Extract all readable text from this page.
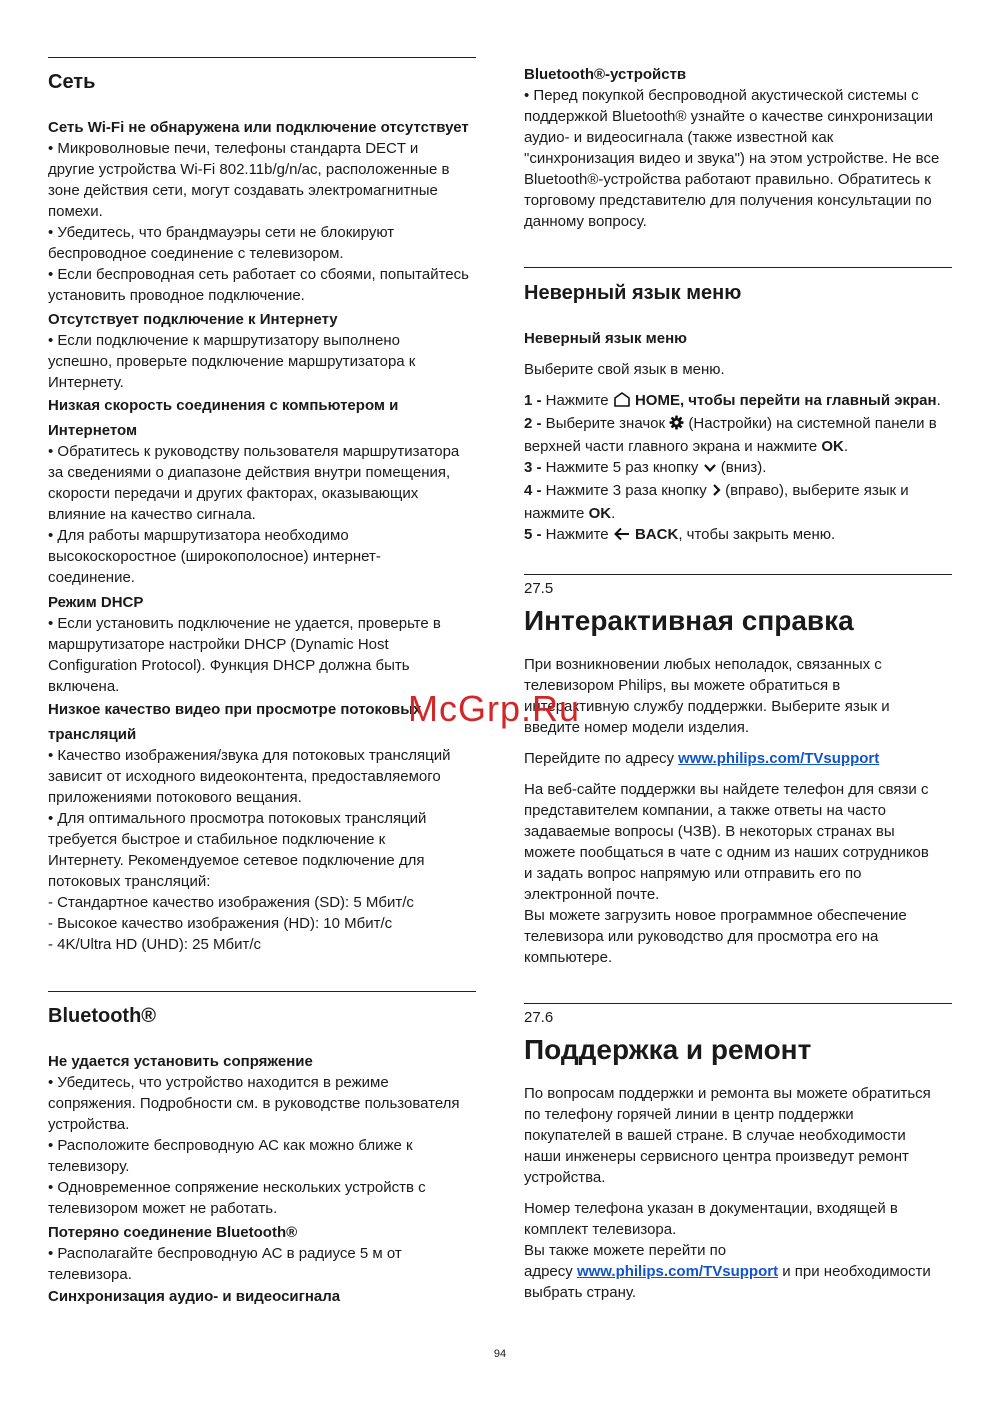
Сеть

Сеть Wi-Fi не обнаружена или подключение отсутствует

• Микроволновые печи, телефоны стандарта DECT и

другие устройства Wi-Fi 802.11b/g/n/ac, расположенные в

зоне действия сети, могут создавать электромагнитные

помехи.

• Убедитесь, что брандмауэры сети не блокируют

беспроводное соединение с телевизором.

• Если беспроводная сеть работает со сбоями, попытайтесь

установить проводное подключение.

Отсутствует подключение к Интернету

• Если подключение к маршрутизатору выполнено

успешно, проверьте подключение маршрутизатора к

Интернету.

Низкая скорость соединения с компьютером и

Интернетом

• Обратитесь к руководству пользователя маршрутизатора

за сведениями о диапазоне действия внутри помещения,

скорости передачи и других факторах, оказывающих

влияние на качество сигнала.

• Для работы маршрутизатора необходимо

высокоскоростное (широкополосное) интернет-

соединение.

Режим DHCP

• Если установить подключение не удается, проверьте в

маршрутизаторе настройки DHCP (Dynamic Host

Configuration Protocol). Функция DHCP должна быть

включена.

Низкое качество видео при просмотре потоковых

трансляций

• Качество изображения/звука для потоковых трансляций

зависит от исходного видеоконтента, предоставляемого

приложениями потокового вещания.

• Для оптимального просмотра потоковых трансляций

требуется быстрое и стабильное подключение к

Интернету. Рекомендуемое сетевое подключение для

потоковых трансляций:

- Стандартное качество изображения (SD): 5 Мбит/с

- Высокое качество изображения (HD): 10 Мбит/с

- 4K/Ultra HD (UHD): 25 Мбит/с

Bluetooth®

Не удается установить сопряжение

• Убедитесь, что устройство находится в режиме

сопряжения. Подробности см. в руководстве пользователя

устройства.

• Расположите беспроводную АС как можно ближе к

телевизору.

• Одновременное сопряжение нескольких устройств с

телевизором может не работать.

Потеряно соединение Bluetooth®

• Располагайте беспроводную АС в радиусе 5 м от

телевизора.

Синхронизация аудио- и видеосигнала

Bluetooth®-устройств

• Перед покупкой беспроводной акустической системы с

поддержкой Bluetooth® узнайте о качестве синхронизации

аудио- и видеосигнала (также известной как

"синхронизация видео и звука") на этом устройстве. Не все

Bluetooth®-устройства работают правильно. Обратитесь к

торговому представителю для получения консультации по

данному вопросу.

Неверный язык меню

Неверный язык меню

Выберите свой язык в меню.

1 - Нажмите  HOME, чтобы перейти на главный экран.

2 - Выберите значок  (Настройки) на системной панели в

верхней части главного экрана и нажмите OK.

3 - Нажмите 5 раз кнопку  (вниз).

4 - Нажмите 3 раза кнопку  (вправо), выберите язык и

нажмите OK.

5 - Нажмите  BACK, чтобы закрыть меню.

27.5
Интерактивная справка

При возникновении любых неполадок, связанных с

телевизором Philips, вы можете обратиться в

интерактивную службу поддержки. Выберите язык и

введите номер модели изделия.

Перейдите по адресу www.philips.com/TVsupport

На веб-сайте поддержки вы найдете телефон для связи с

представителем компании, а также ответы на часто

задаваемые вопросы (ЧЗВ). В некоторых странах вы

можете пообщаться в чате с одним из наших сотрудников

и задать вопрос напрямую или отправить его по

электронной почте.

Вы можете загрузить новое программное обеспечение

телевизора или руководство для просмотра его на

компьютере.

27.6
Поддержка и ремонт

По вопросам поддержки и ремонта вы можете обратиться

по телефону горячей линии в центр поддержки

покупателей в вашей стране. В случае необходимости

наши инженеры сервисного центра произведут ремонт

устройства.

Номер телефона указан в документации, входящей в

комплект телевизора.

Вы также можете перейти по

адресу www.philips.com/TVsupport и при необходимости

выбрать страну.

McGrp.Ru
94
